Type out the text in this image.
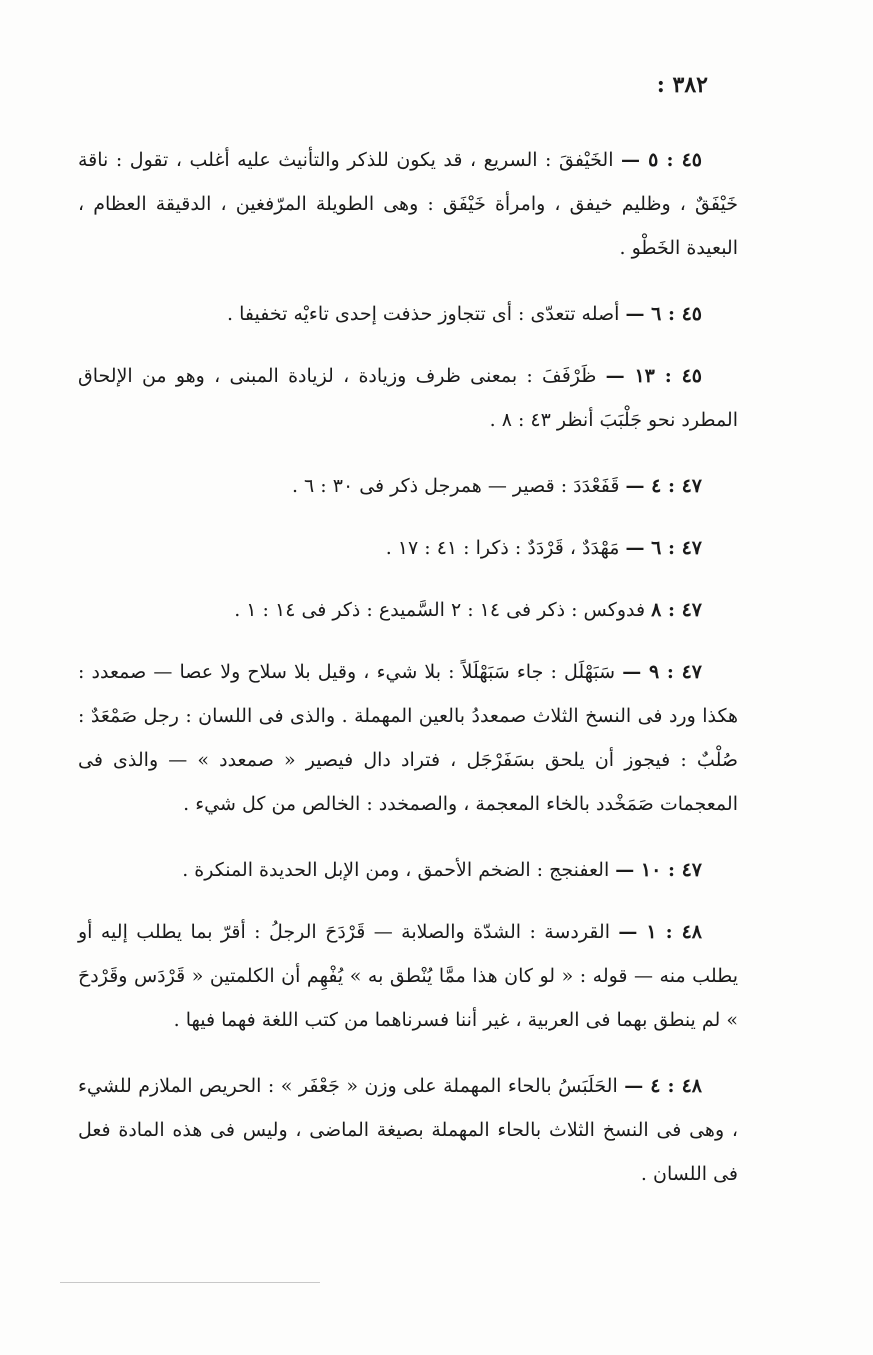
٣٨٢ :

٤٥ : ٥ — الخَيْفقَ : السريع ، قد يكون للذكر والتأنيث عليه أغلب ، تقول : ناقة خَيْفَقٌ ، وظليم خيفق ، وامرأة خَيْفَق : وهى الطويلة المرّفغين ، الدقيقة العظام ، البعيدة الخَطْو .

٤٥ : ٦ — أصله تتعدّى : أى تتجاوز حذفت إحدى تاءيْه تخفيفا .

٤٥ : ١٣ — ظَرْفَفَ : بمعنى ظرف وزيادة ، لزيادة المبنى ، وهو من الإلحاق المطرد نحو جَلْبَبَ أنظر ٤٣ : ٨ .

٤٧ : ٤ — قَفَعْدَدَ : قصير — همرجل ذكر فى ٣٠ : ٦ .

٤٧ : ٦ — مَهْدَدٌ ، قَرْدَدٌ : ذكرا : ٤١ : ١٧ .

٤٧ : ٨ فدوكس : ذكر فى ١٤ : ٢ السَّميدع : ذكر فى ١٤ : ١ .

٤٧ : ٩ — سَبَهْلَل : جاء سَبَهْلَلاً : بلا شيء ، وقيل بلا سلاح ولا عصا — صمعدد : هكذا ورد فى النسخ الثلاث صمعددُ بالعين المهملة . والذى فى اللسان : رجل صَمْعَدٌ : صُلْبٌ : فيجوز أن يلحق بسَفَرْجَل ، فتراد دال فيصير « صمعدد » — والذى فى المعجمات صَمَخْدد بالخاء المعجمة ، والصمخدد : الخالص من كل شيء .

٤٧ : ١٠ — العفنجج : الضخم الأحمق ، ومن الإبل الحديدة المنكرة .

٤٨ : ١ — القردسة : الشدّة والصلابة — قَرْدَحَ الرجلُ : أقرّ بما يطلب إليه أو يطلب منه — قوله : « لو كان هذا ممَّا يُنْطق به » يُفْهِم أن الكلمتين « قَرْدَس وقَرْدحَ » لم ينطق بهما فى العربية ، غير أننا فسرناهما من كتب اللغة فهما فيها .

٤٨ : ٤ — الحَلَبَسُ بالحاء المهملة على وزن « جَعْفَر » : الحريص الملازم للشيء ، وهى فى النسخ الثلاث بالحاء المهملة بصيغة الماضى ، وليس فى هذه المادة فعل فى اللسان .
